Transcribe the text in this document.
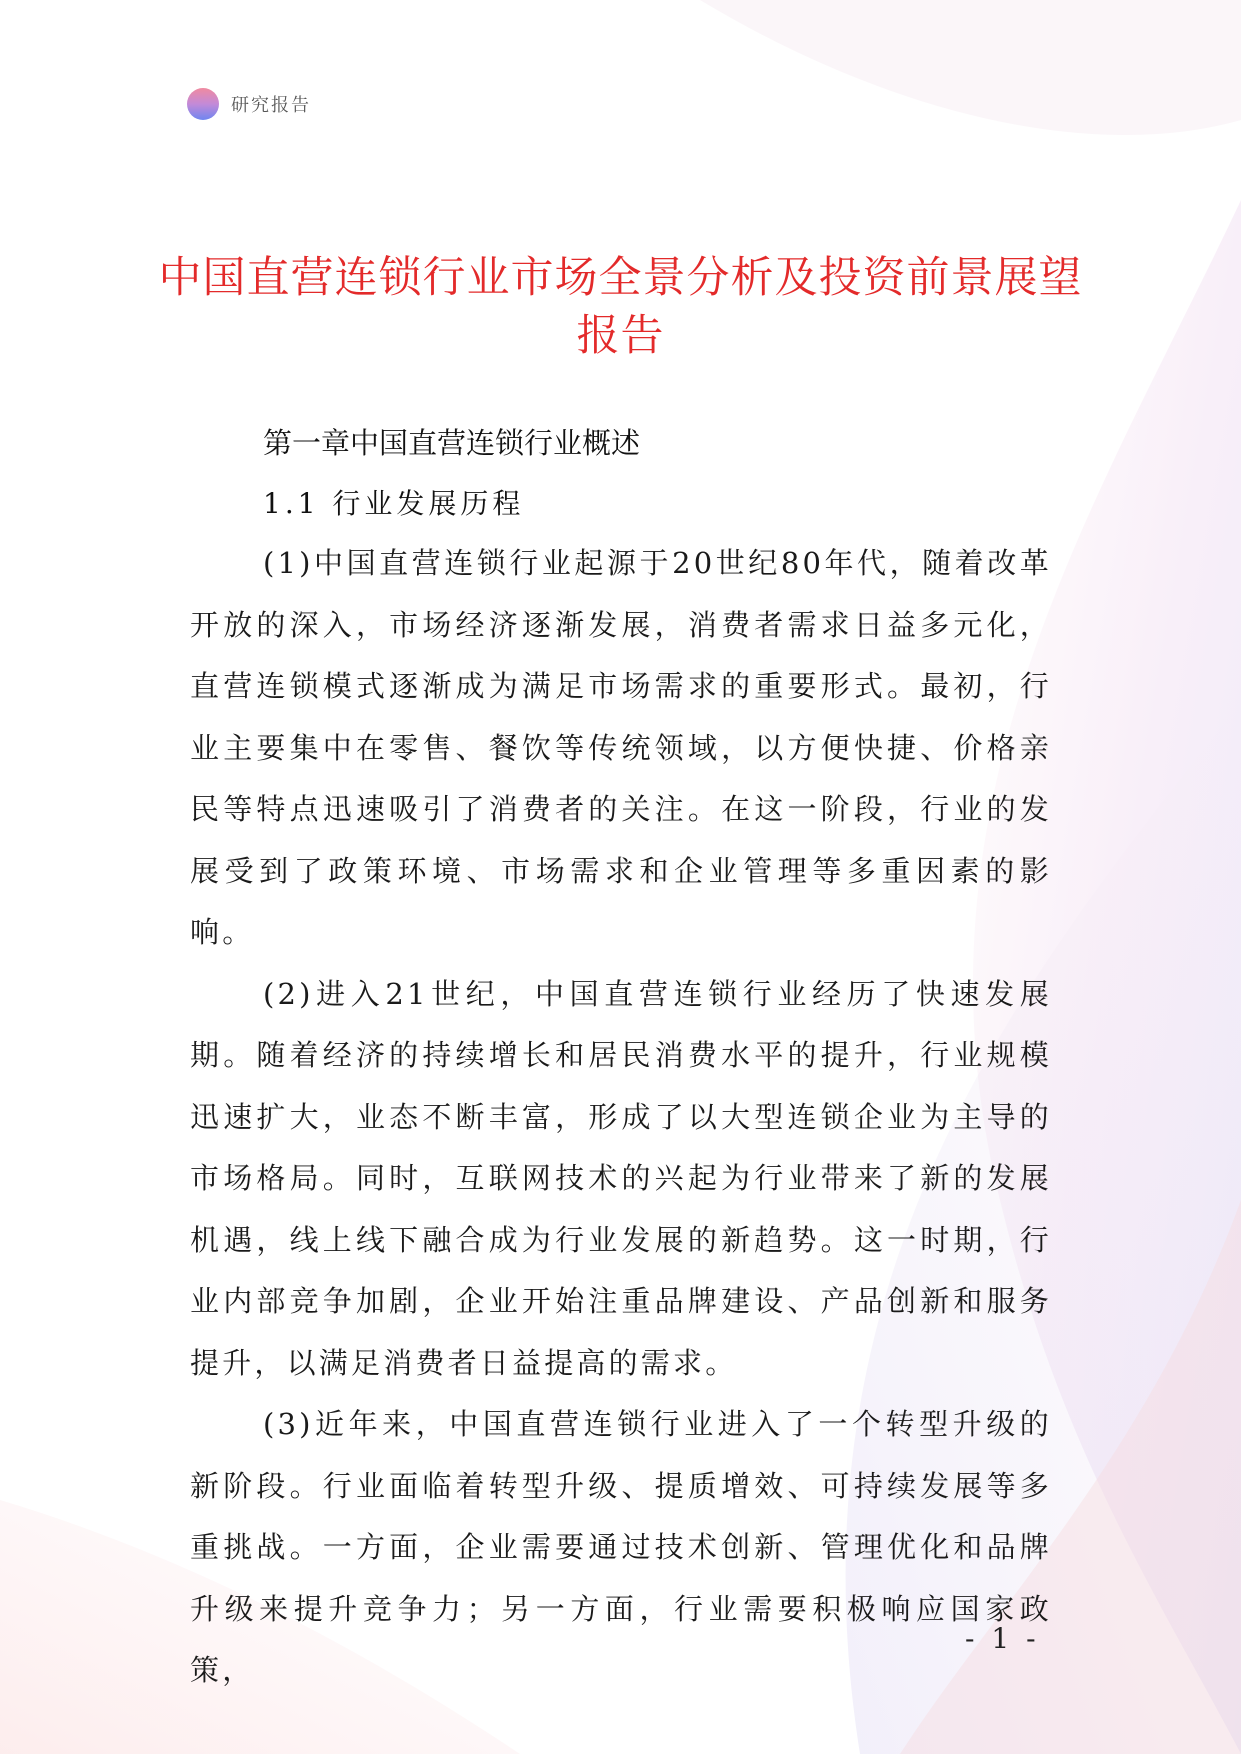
研究报告
中国直营连锁行业市场全景分析及投资前景展望报告
第一章中国直营连锁行业概述
1.1 行业发展历程

(1)中国直营连锁行业起源于20世纪80年代，随着改革开放的深入，市场经济逐渐发展，消费者需求日益多元化，直营连锁模式逐渐成为满足市场需求的重要形式。最初，行业主要集中在零售、餐饮等传统领域，以方便快捷、价格亲民等特点迅速吸引了消费者的关注。在这一阶段，行业的发展受到了政策环境、市场需求和企业管理等多重因素的影响。

(2)进入21世纪，中国直营连锁行业经历了快速发展期。随着经济的持续增长和居民消费水平的提升，行业规模迅速扩大，业态不断丰富，形成了以大型连锁企业为主导的市场格局。同时，互联网技术的兴起为行业带来了新的发展机遇，线上线下融合成为行业发展的新趋势。这一时期，行业内部竞争加剧，企业开始注重品牌建设、产品创新和服务提升，以满足消费者日益提高的需求。

(3)近年来，中国直营连锁行业进入了一个转型升级的新阶段。行业面临着转型升级、提质增效、可持续发展等多重挑战。一方面，企业需要通过技术创新、管理优化和品牌升级来提升竞争力；另一方面，行业需要积极响应国家政策，

- 1 -
